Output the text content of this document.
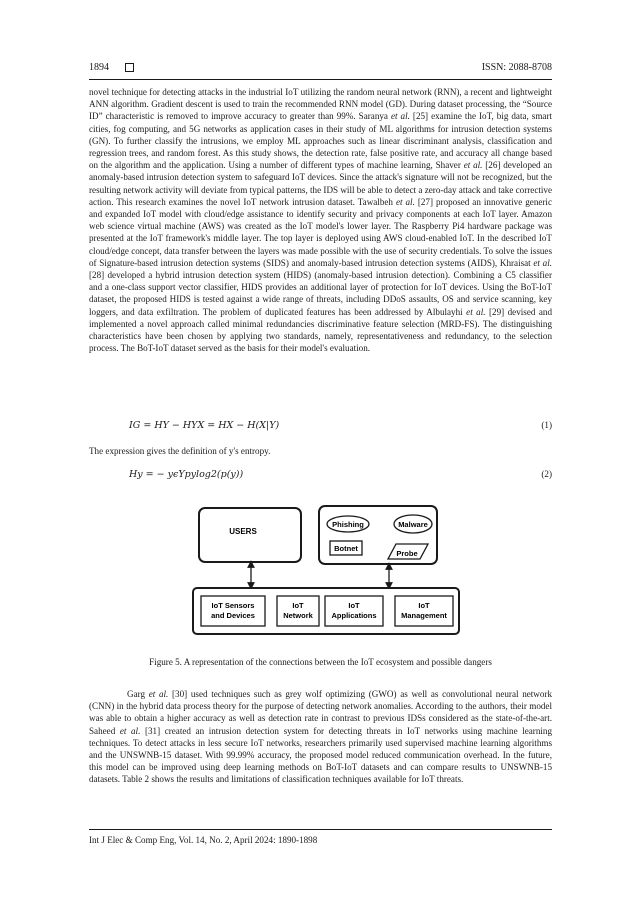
1894	ISSN: 2088-8708

novel technique for detecting attacks in the industrial IoT utilizing the random neural network (RNN), a recent and lightweight ANN algorithm. Gradient descent is used to train the recommended RNN model (GD). During dataset processing, the “Source ID” characteristic is removed to improve accuracy to greater than 99%. Saranya et al. [25] examine the IoT, big data, smart cities, fog computing, and 5G networks as application cases in their study of ML algorithms for intrusion detection systems (GN). To further classify the intrusions, we employ ML approaches such as linear discriminant analysis, classification and regression trees, and random forest. As this study shows, the detection rate, false positive rate, and accuracy all change based on the algorithm and the application. Using a number of different types of machine learning, Shaver et al. [26] developed an anomaly-based intrusion detection system to safeguard IoT devices. Since the attack's signature will not be recognized, but the resulting network activity will deviate from typical patterns, the IDS will be able to detect a zero-day attack and take corrective action. This research examines the novel IoT network intrusion dataset. Tawalbeh et al. [27] proposed an innovative generic and expanded IoT model with cloud/edge assistance to identify security and privacy components at each IoT layer. Amazon web science virtual machine (AWS) was created as the IoT model's lower layer. The Raspberry Pi4 hardware package was presented at the IoT framework's middle layer. The top layer is deployed using AWS cloud-enabled IoT. In the described IoT cloud/edge concept, data transfer between the layers was made possible with the use of security credentials. To solve the issues of Signature-based intrusion detection systems (SIDS) and anomaly-based intrusion detection systems (AIDS), Khraisat et al. [28] developed a hybrid intrusion detection system (HIDS) (anomaly-based intrusion detection). Combining a C5 classifier and a one-class support vector classifier, HIDS provides an additional layer of protection for IoT devices. Using the BoT-IoT dataset, the proposed HIDS is tested against a wide range of threats, including DDoS assaults, OS and service scanning, key loggers, and data exfiltration. The problem of duplicated features has been addressed by Albulayhi et al. [29] devised and implemented a novel approach called minimal redundancies discriminative feature selection (MRD-FS). The distinguishing characteristics have been chosen by applying two standards, namely, representativeness and redundancy, to the selection process. The BoT-IoT dataset served as the basis for their model's evaluation.

IG = HY − HYX = HX − H(X|Y)	(1)

The expression gives the definition of y's entropy.

Hy = − yϵYpylog2(p(y))	(2)
USERS
Phishing	Malware
Botnet
Probe
IoT Sensors
and Devices
IoT
Network
IoT
Applications
IoT
Management
Figure 5. A representation of the connections between the IoT ecosystem and possible dangers

Garg et al. [30] used techniques such as grey wolf optimizing (GWO) as well as convolutional neural network (CNN) in the hybrid data process theory for the purpose of detecting network anomalies. According to the authors, their model was able to obtain a higher accuracy as well as detection rate in contrast to previous IDSs considered as the state-of-the-art. Saheed et al. [31] created an intrusion detection system for detecting threats in IoT networks using machine learning techniques. To detect attacks in less secure IoT networks, researchers primarily used supervised machine learning algorithms and the UNSWNB-15 dataset. With 99.99% accuracy, the proposed model reduced communication overhead. In the future, this model can be improved using deep learning methods on BoT-IoT datasets and can compare results to UNSWNB-15 datasets. Table 2 shows the results and limitations of classification techniques available for IoT threats.

Int J Elec & Comp Eng, Vol. 14, No. 2, April 2024: 1890-1898
